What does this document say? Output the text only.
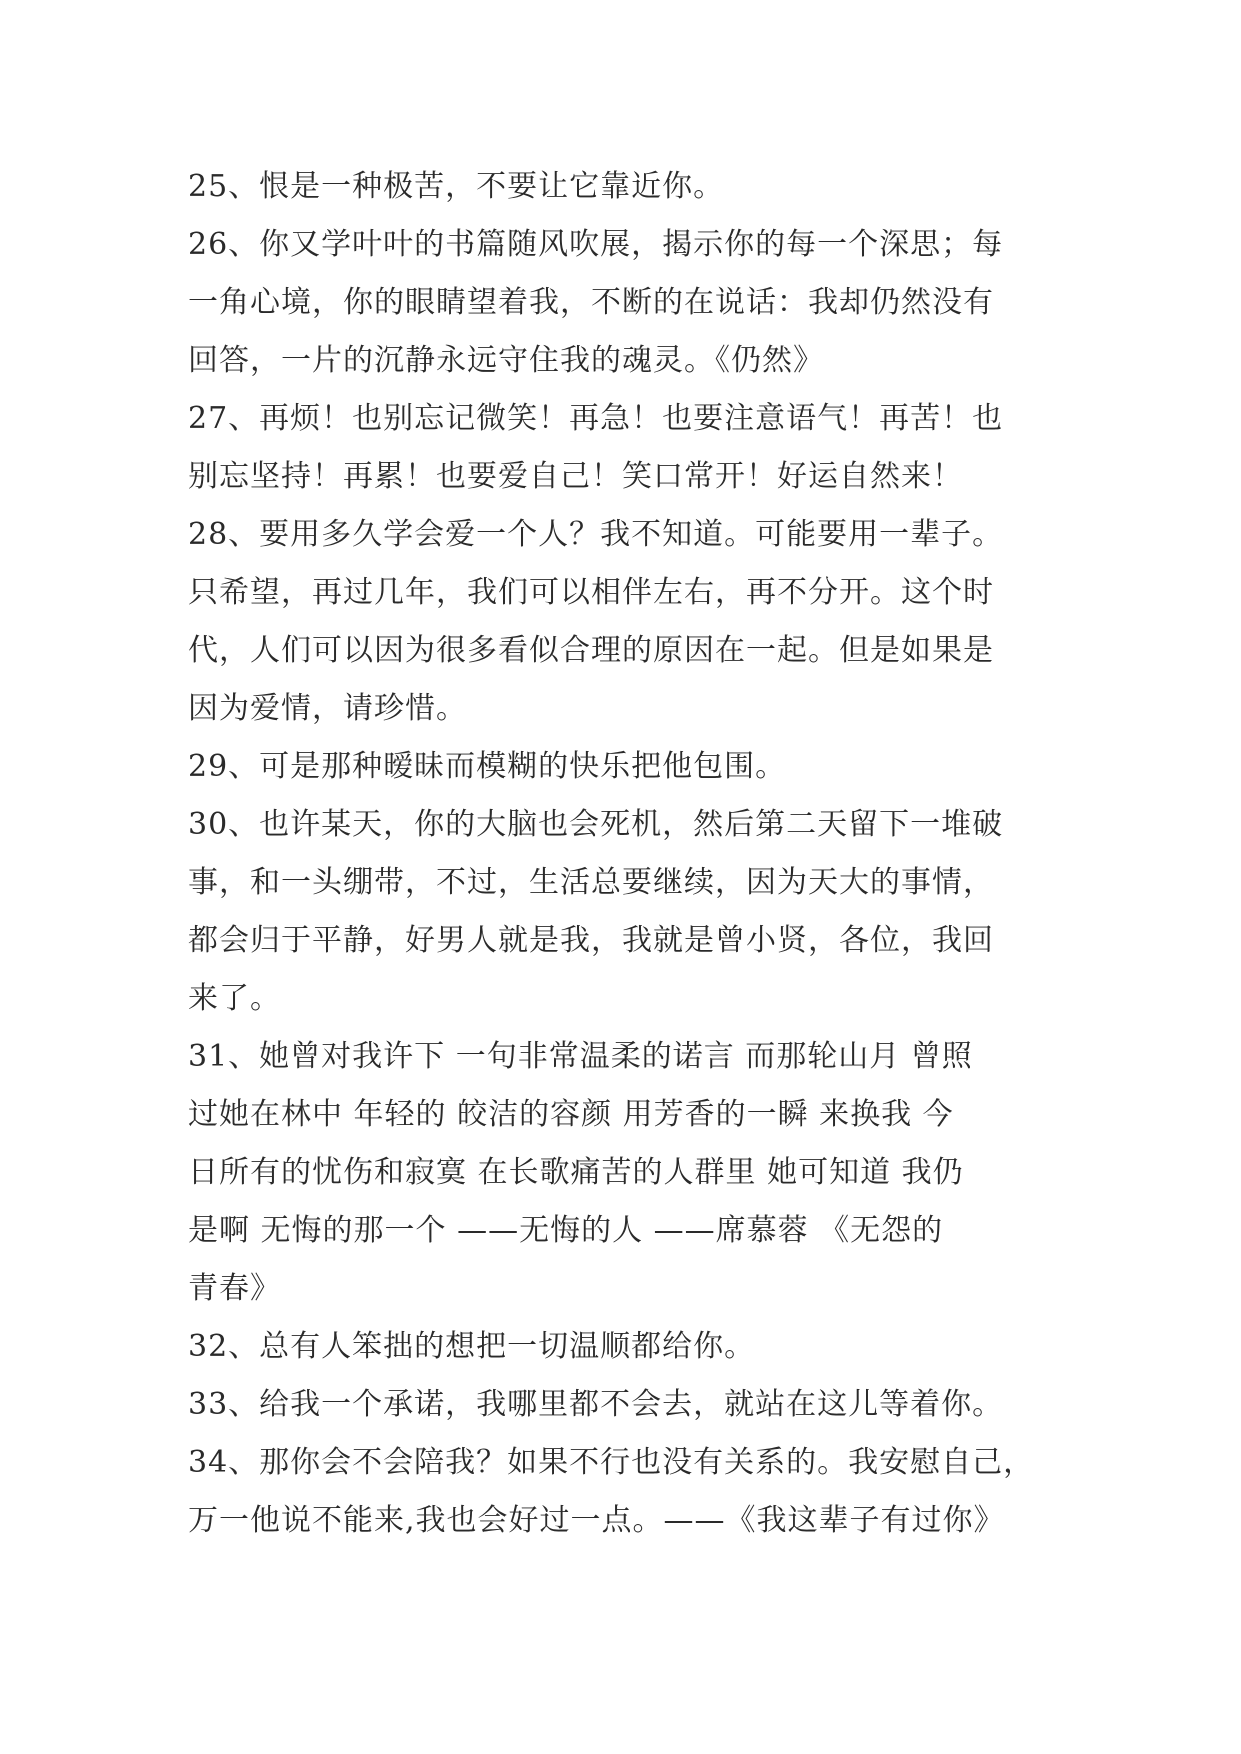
25、恨是一种极苦，不要让它靠近你。
26、你又学叶叶的书篇随风吹展，揭示你的每一个深思；每
一角心境，你的眼睛望着我，不断的在说话：我却仍然没有
回答，一片的沉静永远守住我的魂灵。《仍然》
27、再烦！也别忘记微笑！再急！也要注意语气！再苦！也
别忘坚持！再累！也要爱自己！笑口常开！好运自然来！
28、要用多久学会爱一个人？我不知道。可能要用一辈子。
只希望，再过几年，我们可以相伴左右，再不分开。这个时
代，人们可以因为很多看似合理的原因在一起。但是如果是
因为爱情，请珍惜。
29、可是那种暧昧而模糊的快乐把他包围。
30、也许某天，你的大脑也会死机，然后第二天留下一堆破
事，和一头绷带，不过，生活总要继续，因为天大的事情，
都会归于平静，好男人就是我，我就是曾小贤，各位，我回
来了。
31、她曾对我许下 一句非常温柔的诺言 而那轮山月 曾照
过她在林中 年轻的 皎洁的容颜 用芳香的一瞬 来换我 今
日所有的忧伤和寂寞 在长歌痛苦的人群里 她可知道 我仍
是啊 无悔的那一个 ——无悔的人 ——席慕蓉 《无怨的
青春》
32、总有人笨拙的想把一切温顺都给你。
33、给我一个承诺，我哪里都不会去，就站在这儿等着你。
34、那你会不会陪我？如果不行也没有关系的。我安慰自己，
万一他说不能来,我也会好过一点。——《我这辈子有过你》
